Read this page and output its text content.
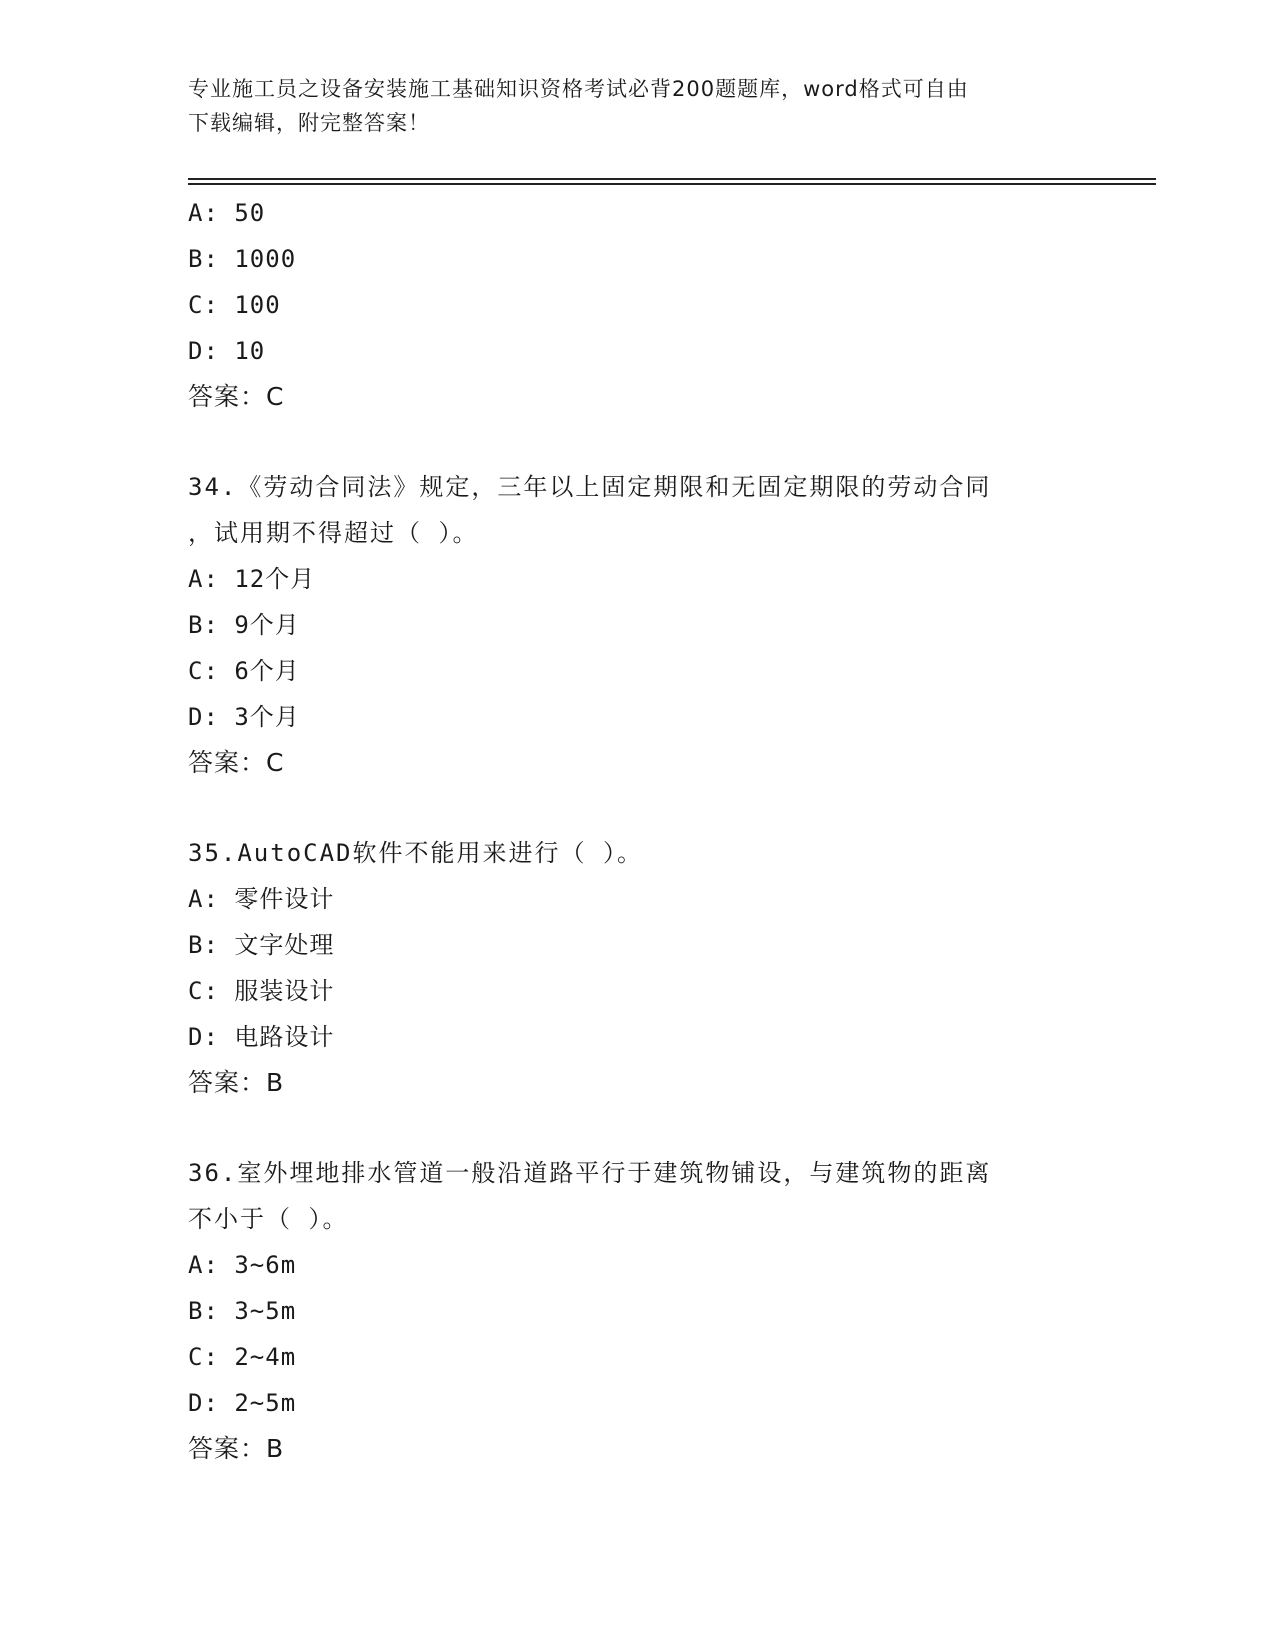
专业施工员之设备安装施工基础知识资格考试必背200题题库，word格式可自由
下载编辑，附完整答案！
A: 50
B: 1000
C: 100
D: 10
答案：C
34.《劳动合同法》规定，三年以上固定期限和无固定期限的劳动合同
，试用期不得超过（ ）。
A: 12个月
B: 9个月
C: 6个月
D: 3个月
答案：C
35.AutoCAD软件不能用来进行（ ）。
A: 零件设计
B: 文字处理
C: 服装设计
D: 电路设计
答案：B
36.室外埋地排水管道一般沿道路平行于建筑物铺设，与建筑物的距离
不小于（ ）。
A: 3~6m
B: 3~5m
C: 2~4m
D: 2~5m
答案：B
